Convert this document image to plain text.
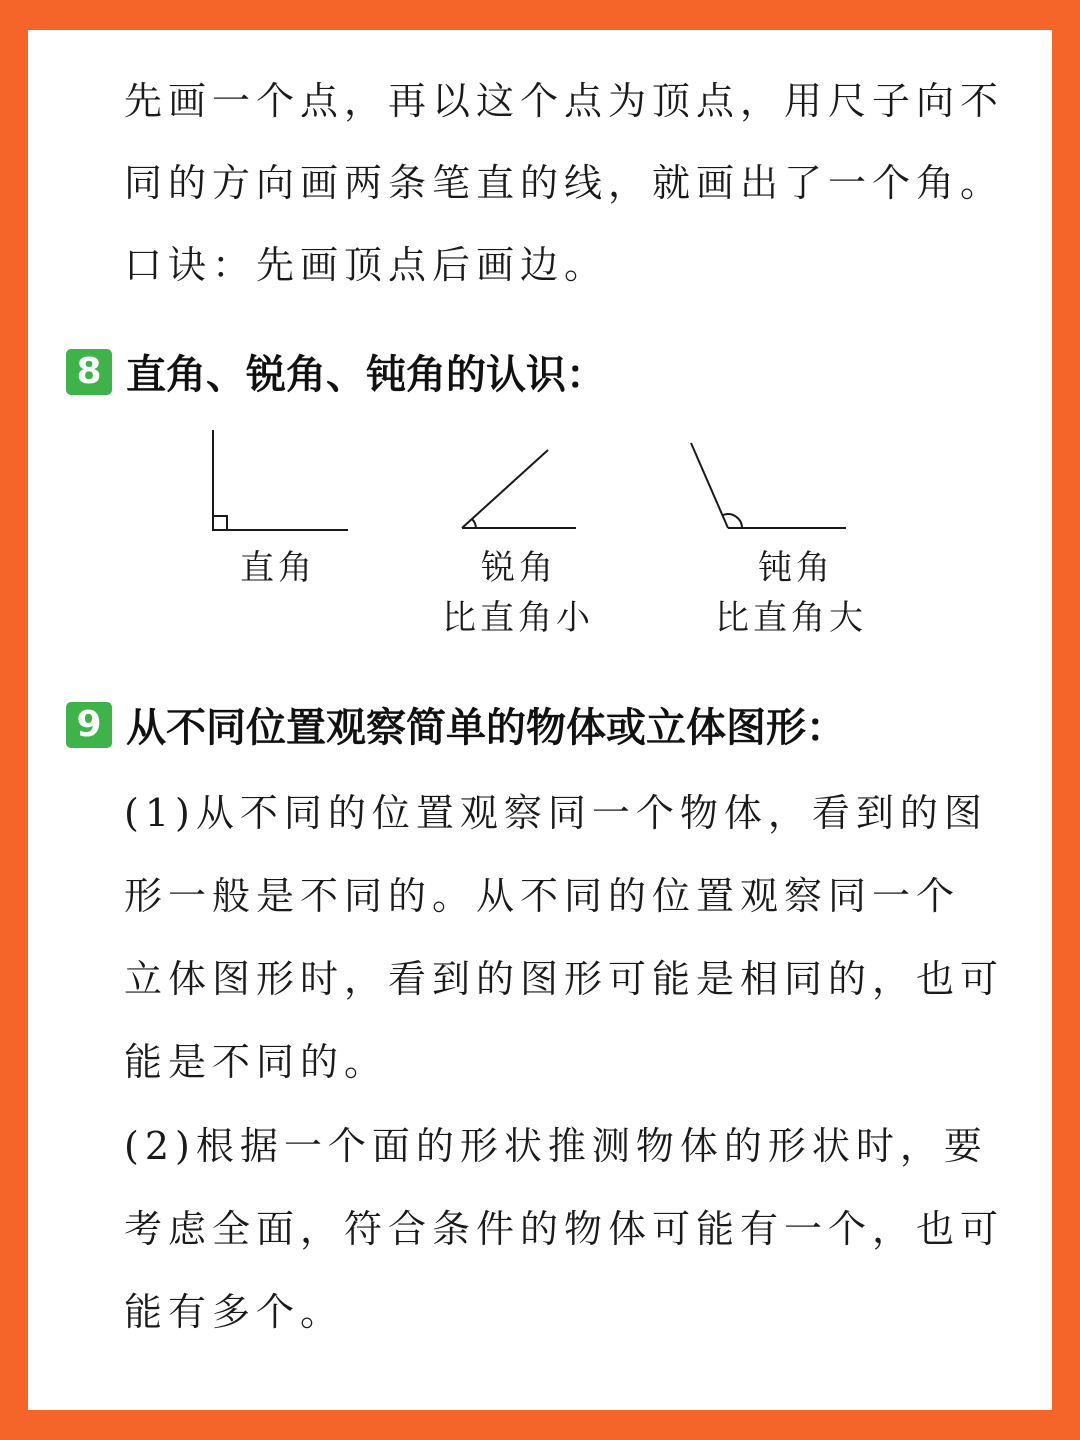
先画一个点，再以这个点为顶点，用尺子向不
同的方向画两条笔直的线，就画出了一个角。
口诀：先画顶点后画边。
8 直角、锐角、钝角的认识：
直角	锐角
比直角小
钝角
比直角大
9 从不同位置观察简单的物体或立体图形：
(1)从不同的位置观察同一个物体，看到的图
形一般是不同的。从不同的位置观察同一个
立体图形时，看到的图形可能是相同的，也可
能是不同的。
(2)根据一个面的形状推测物体的形状时，要
考虑全面，符合条件的物体可能有一个，也可
能有多个。
